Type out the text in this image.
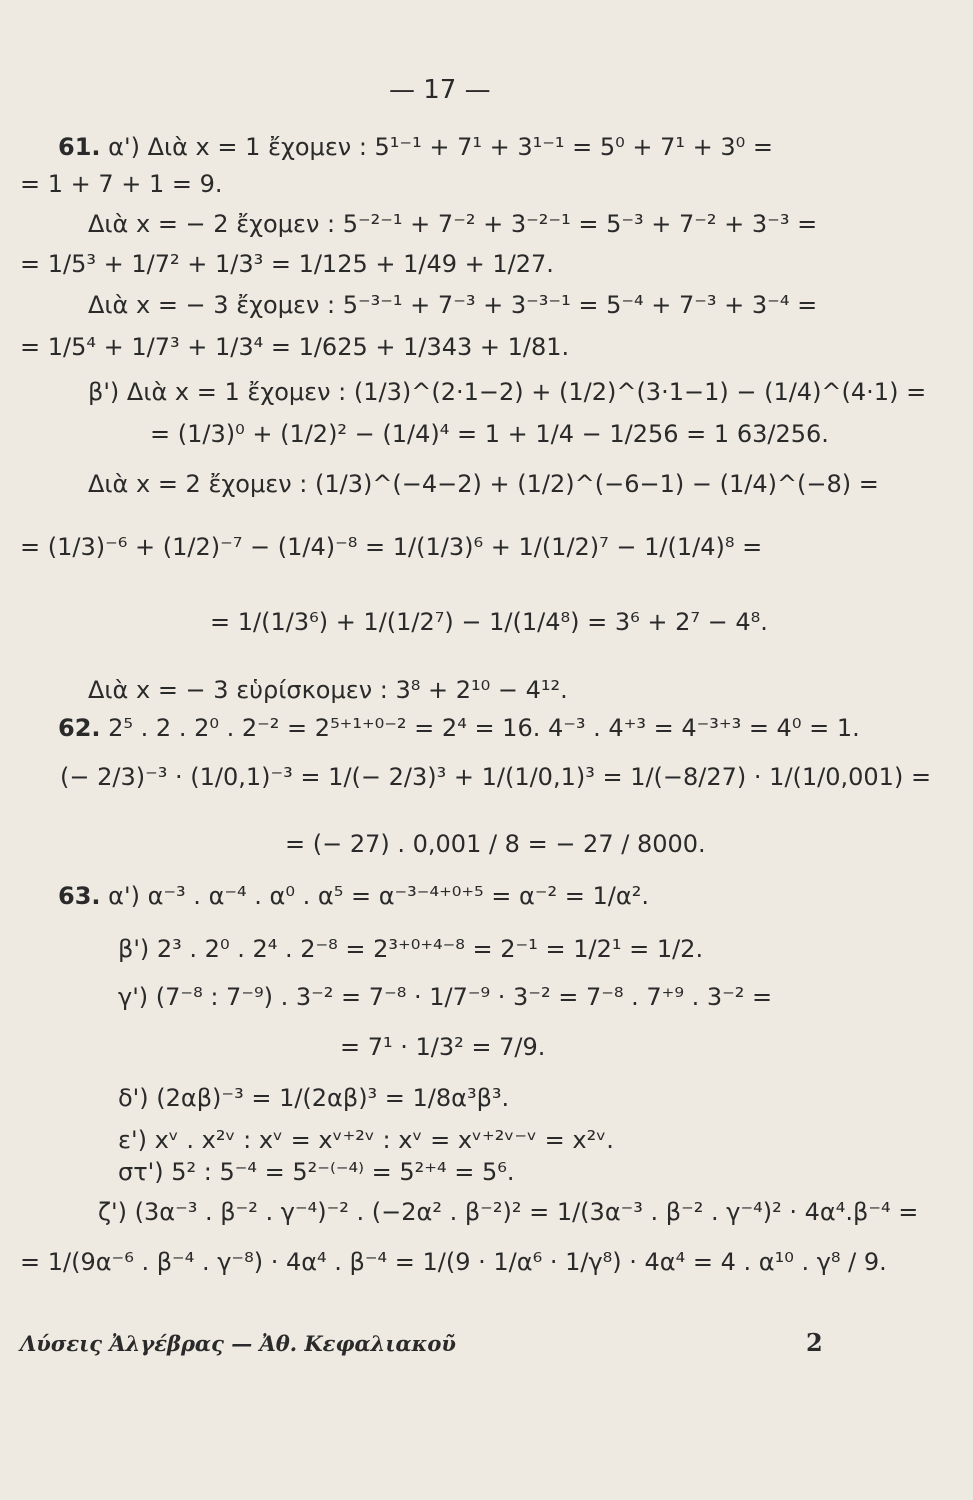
— 17 —
61. α') Διὰ x = 1 ἔχομεν : 5¹⁻¹ + 7¹ + 3¹⁻¹ = 5⁰ + 7¹ + 3⁰ =
= 1 + 7 + 1 = 9.
Διὰ x = − 2 ἔχομεν : 5⁻²⁻¹ + 7⁻² + 3⁻²⁻¹ = 5⁻³ + 7⁻² + 3⁻³ =
= 1/5³ + 1/7² + 1/3³ = 1/125 + 1/49 + 1/27.
Διὰ x = − 3 ἔχομεν : 5⁻³⁻¹ + 7⁻³ + 3⁻³⁻¹ = 5⁻⁴ + 7⁻³ + 3⁻⁴ =
= 1/5⁴ + 1/7³ + 1/3⁴ = 1/625 + 1/343 + 1/81.
β') Διὰ x = 1 ἔχομεν : (1/3)^(2·1−2) + (1/2)^(3·1−1) − (1/4)^(4·1) =
= (1/3)⁰ + (1/2)² − (1/4)⁴ = 1 + 1/4 − 1/256 = 1 63/256.
Διὰ x = 2 ἔχομεν : (1/3)^(−4−2) + (1/2)^(−6−1) − (1/4)^(−8) =
= (1/3)⁻⁶ + (1/2)⁻⁷ − (1/4)⁻⁸ = 1/(1/3)⁶ + 1/(1/2)⁷ − 1/(1/4)⁸ =
= 1/(1/3⁶) + 1/(1/2⁷) − 1/(1/4⁸) = 3⁶ + 2⁷ − 4⁸.
Διὰ x = − 3 εὑρίσκομεν : 3⁸ + 2¹⁰ − 4¹².
62. 2⁵ . 2 . 2⁰ . 2⁻² = 2⁵⁺¹⁺⁰⁻² = 2⁴ = 16. 4⁻³ . 4⁺³ = 4⁻³⁺³ = 4⁰ = 1.
(− 2/3)⁻³ · (1/0,1)⁻³ = 1/(− 2/3)³ + 1/(1/0,1)³ = 1/(−8/27) · 1/(1/0,001) =
= (− 27) . 0,001 / 8 = − 27 / 8000.
63. α') α⁻³ . α⁻⁴ . α⁰ . α⁵ = α⁻³⁻⁴⁺⁰⁺⁵ = α⁻² = 1/α².
β') 2³ . 2⁰ . 2⁴ . 2⁻⁸ = 2³⁺⁰⁺⁴⁻⁸ = 2⁻¹ = 1/2¹ = 1/2.
γ') (7⁻⁸ : 7⁻⁹) . 3⁻² = 7⁻⁸ · 1/7⁻⁹ · 3⁻² = 7⁻⁸ . 7⁺⁹ . 3⁻² =
= 7¹ · 1/3² = 7/9.
δ') (2αβ)⁻³ = 1/(2αβ)³ = 1/8α³β³.
ε') xᵛ . x²ᵛ : xᵛ = xᵛ⁺²ᵛ : xᵛ = xᵛ⁺²ᵛ⁻ᵛ = x²ᵛ.
στ') 5² : 5⁻⁴ = 5²⁻⁽⁻⁴⁾ = 5²⁺⁴ = 5⁶.
ζ') (3α⁻³ . β⁻² . γ⁻⁴)⁻² . (−2α² . β⁻²)² = 1/(3α⁻³ . β⁻² . γ⁻⁴)² · 4α⁴.β⁻⁴ =
= 1/(9α⁻⁶ . β⁻⁴ . γ⁻⁸) · 4α⁴ . β⁻⁴ = 1/(9 · 1/α⁶ · 1/γ⁸) · 4α⁴ = 4 . α¹⁰ . γ⁸ / 9.
Λύσεις Ἀλγέβρας — Ἀθ. Κεφαλιακοῦ	2
